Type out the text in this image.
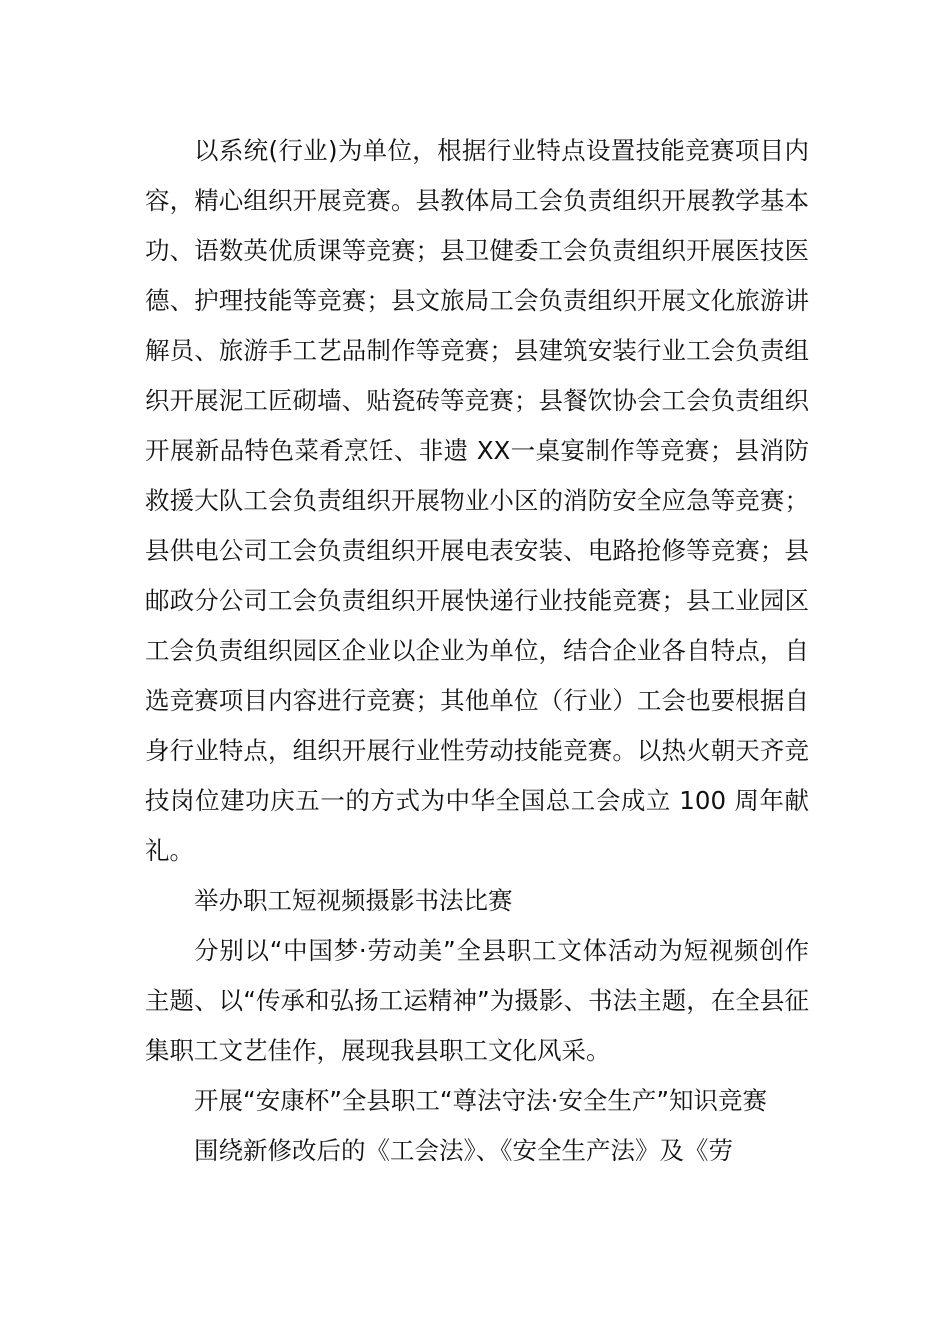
以系统(行业)为单位，根据行业特点设置技能竞赛项目内容，精心组织开展竞赛。县教体局工会负责组织开展教学基本功、语数英优质课等竞赛；县卫健委工会负责组织开展医技医德、护理技能等竞赛；县文旅局工会负责组织开展文化旅游讲解员、旅游手工艺品制作等竞赛；县建筑安装行业工会负责组织开展泥工匠砌墙、贴瓷砖等竞赛；县餐饮协会工会负责组织开展新品特色菜肴烹饪、非遗 XX一桌宴制作等竞赛；县消防救援大队工会负责组织开展物业小区的消防安全应急等竞赛；县供电公司工会负责组织开展电表安装、电路抢修等竞赛；县邮政分公司工会负责组织开展快递行业技能竞赛；县工业园区工会负责组织园区企业以企业为单位，结合企业各自特点，自选竞赛项目内容进行竞赛；其他单位（行业）工会也要根据自身行业特点，组织开展行业性劳动技能竞赛。以热火朝天齐竞技岗位建功庆五一的方式为中华全国总工会成立 100 周年献礼。

举办职工短视频摄影书法比赛

分别以“中国梦·劳动美”全县职工文体活动为短视频创作主题、以“传承和弘扬工运精神”为摄影、书法主题，在全县征集职工文艺佳作，展现我县职工文化风采。

开展“安康杯”全县职工“尊法守法·安全生产”知识竞赛

围绕新修改后的《工会法》、《安全生产法》及《劳
